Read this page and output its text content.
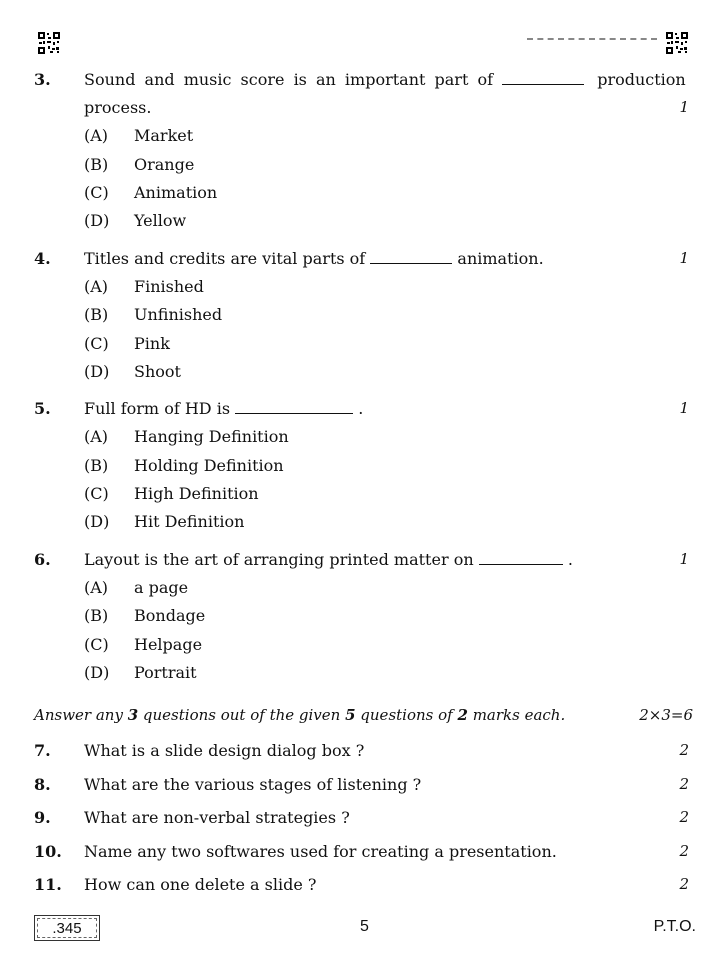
3. Sound and music score is an important part of	production
process.	1
(A) Market
(B) Orange
(C) Animation
(D) Yellow
4. Titles and credits are vital parts of	animation.	1
(A) Finished
(B) Unfinished
(C) Pink
(D) Shoot
5. Full form of HD is	.	1
(A) Hanging Definition
(B) Holding Definition
(C) High Definition
(D) Hit Definition
6. Layout is the art of arranging printed matter on	.	1
(A) a page
(B) Bondage
(C) Helpage
(D) Portrait
Answer any 3 questions out of the given 5 questions of 2 marks each.	2×3=6
7. What is a slide design dialog box ?	2
8. What are the various stages of listening ?	2
9. What are non-verbal strategies ?	2
10. Name any two softwares used for creating a presentation.	2
11. How can one delete a slide ?	2
.345	5	P.T.O.
